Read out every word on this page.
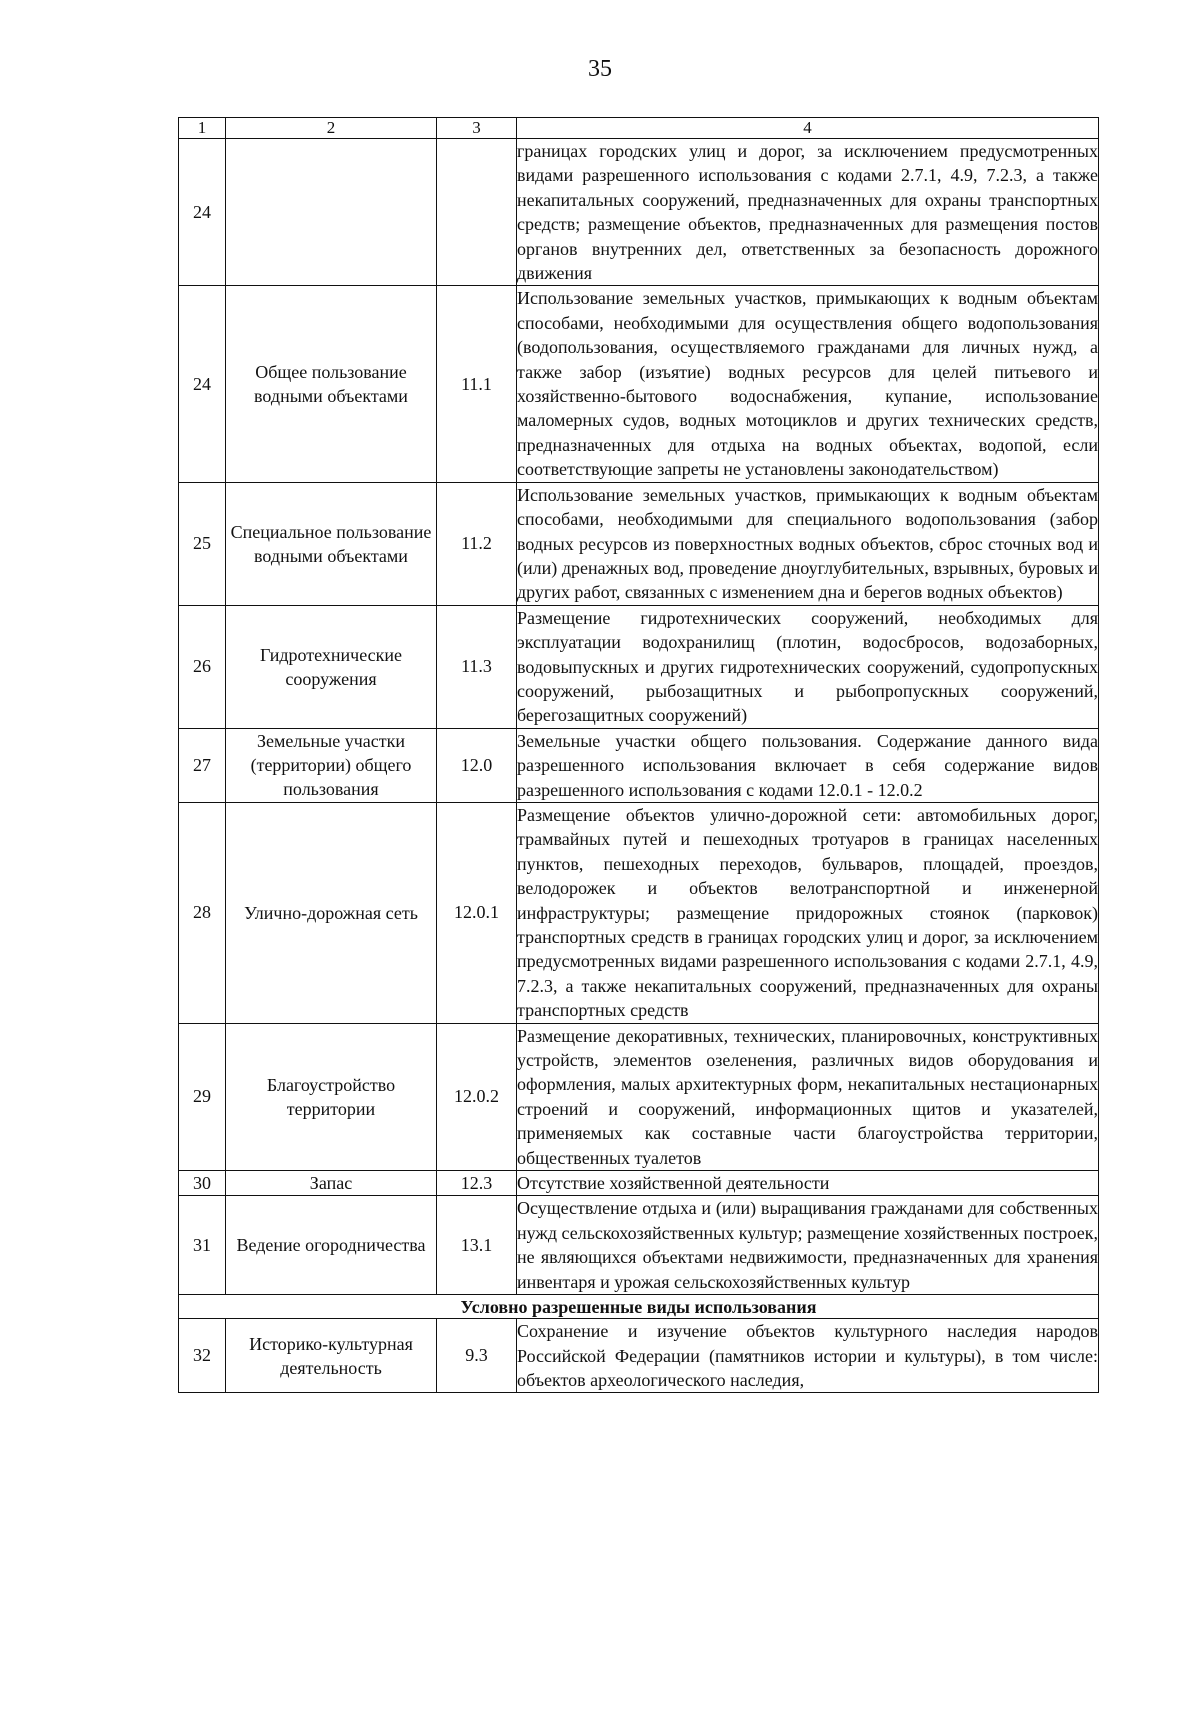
35
1	2	3	4
24			границах городских улиц и дорог, за исключением предусмотренных видами разрешенного использования с кодами 2.7.1, 4.9, 7.2.3, а также некапитальных сооружений, предназначенных для охраны транспортных средств; размещение объектов, предназначенных для размещения постов органов внутренних дел, ответственных за безопасность дорожного движения
24	Общее пользование водными объектами	11.1	Использование земельных участков, примыкающих к водным объектам способами, необходимыми для осуществления общего водопользования (водопользования, осуществляемого гражданами для личных нужд, а также забор (изъятие) водных ресурсов для целей питьевого и хозяйственно-бытового водоснабжения, купание, использование маломерных судов, водных мотоциклов и других технических средств, предназначенных для отдыха на водных объектах, водопой, если соответствующие запреты не установлены законодательством)
25	Специальное пользование водными объектами	11.2	Использование земельных участков, примыкающих к водным объектам способами, необходимыми для специального водопользования (забор водных ресурсов из поверхностных водных объектов, сброс сточных вод и (или) дренажных вод, проведение дноуглубительных, взрывных, буровых и других работ, связанных с изменением дна и берегов водных объектов)
26	Гидротехнические сооружения	11.3	Размещение гидротехнических сооружений, необходимых для эксплуатации водохранилищ (плотин, водосбросов, водозаборных, водовыпускных и других гидротехнических сооружений, судопропускных сооружений, рыбозащитных и рыбопропускных сооружений, берегозащитных сооружений)
27	Земельные участки (территории) общего пользования	12.0	Земельные участки общего пользования. Содержание данного вида разрешенного использования включает в себя содержание видов разрешенного использования с кодами 12.0.1 - 12.0.2
28	Улично-дорожная сеть	12.0.1	Размещение объектов улично-дорожной сети: автомобильных дорог, трамвайных путей и пешеходных тротуаров в границах населенных пунктов, пешеходных переходов, бульваров, площадей, проездов, велодорожек и объектов велотранспортной и инженерной инфраструктуры; размещение придорожных стоянок (парковок) транспортных средств в границах городских улиц и дорог, за исключением предусмотренных видами разрешенного использования с кодами 2.7.1, 4.9, 7.2.3, а также некапитальных сооружений, предназначенных для охраны транспортных средств
29	Благоустройство территории	12.0.2	Размещение декоративных, технических, планировочных, конструктивных устройств, элементов озеленения, различных видов оборудования и оформления, малых архитектурных форм, некапитальных нестационарных строений и сооружений, информационных щитов и указателей, применяемых как составные части благоустройства территории, общественных туалетов
30	Запас	12.3	Отсутствие хозяйственной деятельности
31	Ведение огородничества	13.1	Осуществление отдыха и (или) выращивания гражданами для собственных нужд сельскохозяйственных культур; размещение хозяйственных построек, не являющихся объектами недвижимости, предназначенных для хранения инвентаря и урожая сельскохозяйственных культур
Условно разрешенные виды использования			
32	Историко-культурная деятельность	9.3	Сохранение и изучение объектов культурного наследия народов Российской Федерации (памятников истории и культуры), в том числе: объектов археологического наследия,
